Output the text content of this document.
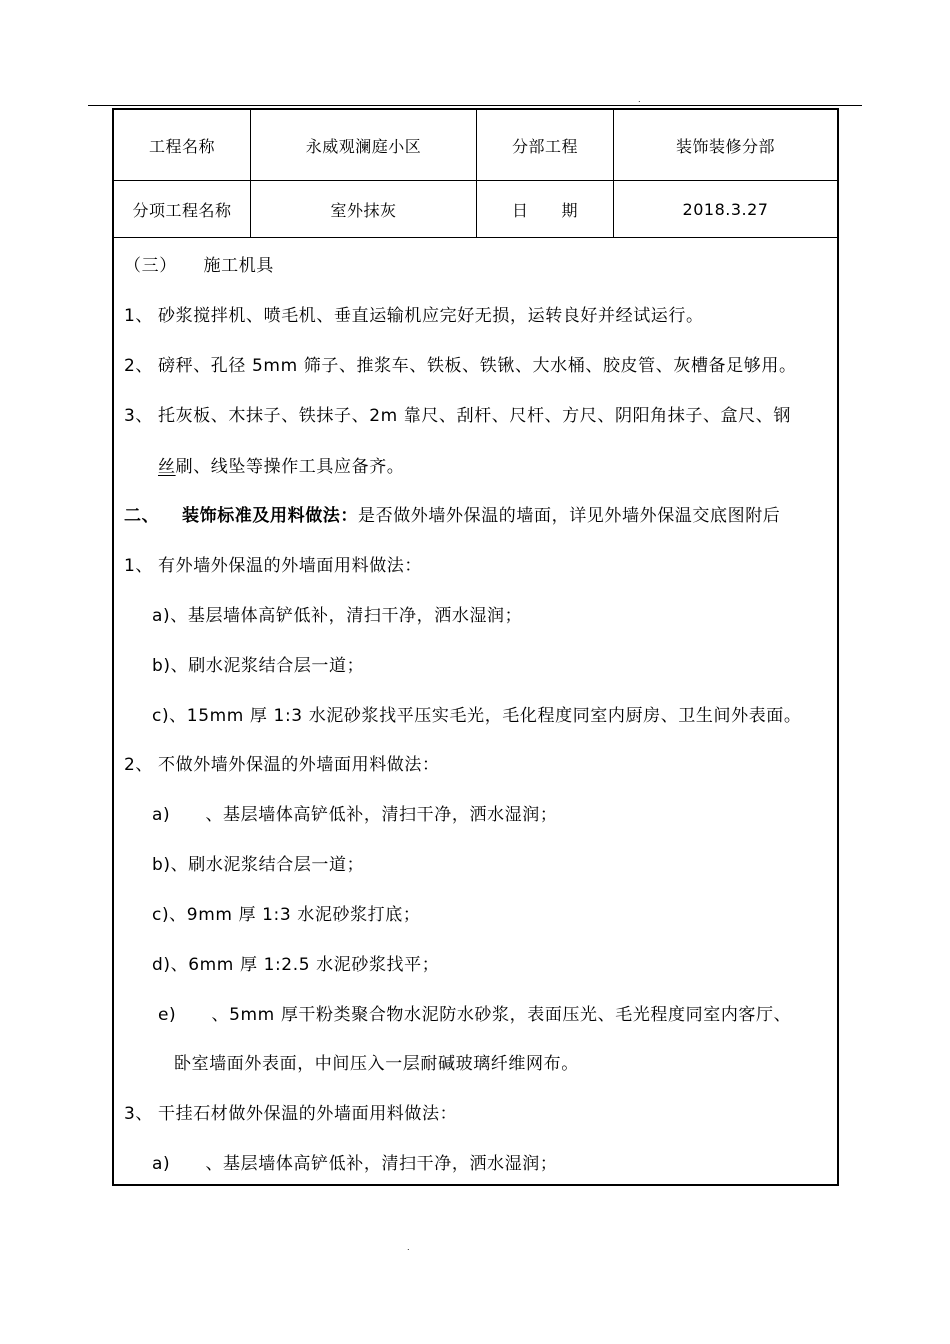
.
工程名称	永威观澜庭小区	分部工程	装饰装修分部
分项工程名称	室外抹灰	日　　期	2018.3.27
（三）　　施工机具
1、 砂浆搅拌机、喷毛机、垂直运输机应完好无损，运转良好并经试运行。
2、 磅秤、孔径 5mm 筛子、推浆车、铁板、铁锹、大水桶、胶皮管、灰槽备足够用。
3、 托灰板、木抹子、铁抹子、2m 靠尺、刮杆、尺杆、方尺、阴阳角抹子、盒尺、钢
丝刷、线坠等操作工具应备齐。
二、 装饰标准及用料做法：是否做外墙外保温的墙面，详见外墙外保温交底图附后
1、 有外墙外保温的外墙面用料做法：
a)、基层墙体高铲低补，清扫干净，洒水湿润；
b)、刷水泥浆结合层一道；
c)、15mm 厚 1:3 水泥砂浆找平压实毛光，毛化程度同室内厨房、卫生间外表面。
2、 不做外墙外保温的外墙面用料做法：
a)　　、基层墙体高铲低补，清扫干净，洒水湿润；
b)、刷水泥浆结合层一道；
c)、9mm 厚 1:3 水泥砂浆打底；
d)、6mm 厚 1:2.5 水泥砂浆找平；
e)　　、5mm 厚干粉类聚合物水泥防水砂浆，表面压光、毛光程度同室内客厅、
卧室墙面外表面，中间压入一层耐碱玻璃纤维网布。
3、 干挂石材做外保温的外墙面用料做法：
a)　　、基层墙体高铲低补，清扫干净，洒水湿润；
.
